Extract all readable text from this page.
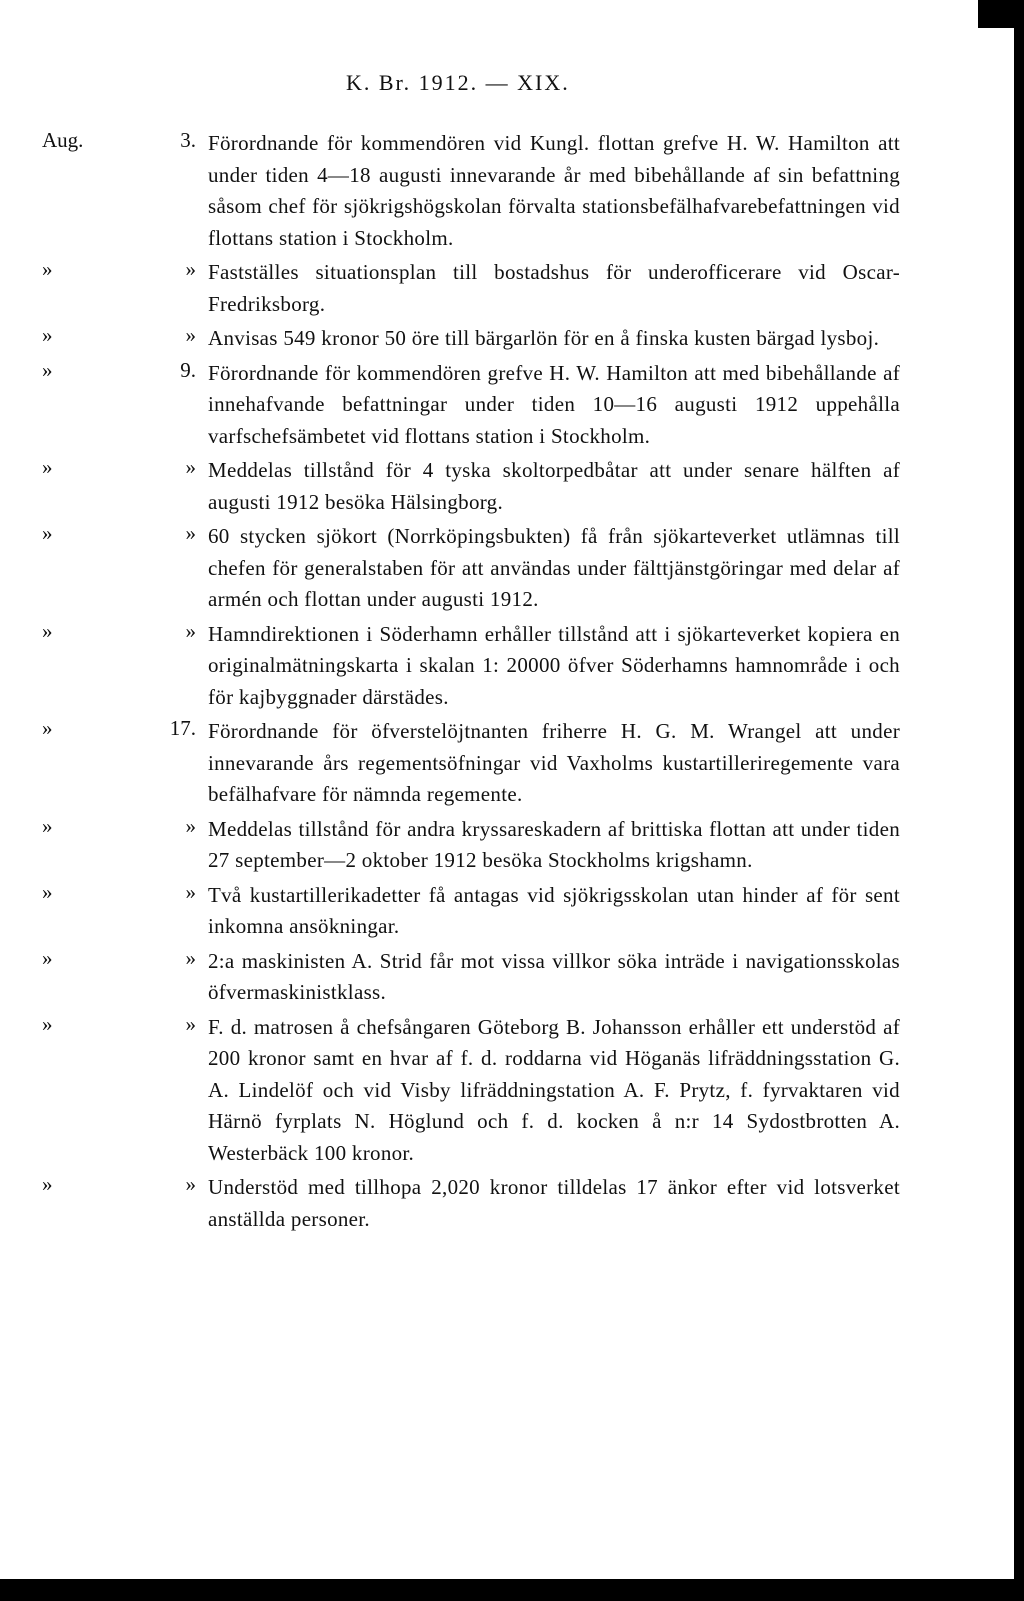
K. Br. 1912. — XIX.
Aug.	3. Förordnande för kommendören vid Kungl. flottan grefve H. W. Hamilton att under tiden 4—18 augusti innevarande år med bibehållande af sin befattning såsom chef för sjökrigshögskolan förvalta stationsbefälhafvarebefattningen vid flottans station i Stockholm.
»	» Fastställes situationsplan till bostadshus för underofficerare vid Oscar-Fredriksborg.
»	» Anvisas 549 kronor 50 öre till bärgarlön för en å finska kusten bärgad lysboj.
»	9. Förordnande för kommendören grefve H. W. Hamilton att med bibehållande af innehafvande befattningar under tiden 10—16 augusti 1912 uppehålla varfschefsämbetet vid flottans station i Stockholm.
»	» Meddelas tillstånd för 4 tyska skoltorpedbåtar att under senare hälften af augusti 1912 besöka Hälsingborg.
»	» 60 stycken sjökort (Norrköpingsbukten) få från sjökarteverket utlämnas till chefen för generalstaben för att användas under fälttjänstgöringar med delar af armén och flottan under augusti 1912.
»	» Hamndirektionen i Söderhamn erhåller tillstånd att i sjökarteverket kopiera en originalmätningskarta i skalan 1: 20000 öfver Söderhamns hamnområde i och för kajbyggnader därstädes.
»	17. Förordnande för öfverstelöjtnanten friherre H. G. M. Wrangel att under innevarande års regementsöfningar vid Vaxholms kustartilleriregemente vara befälhafvare för nämnda regemente.
»	» Meddelas tillstånd för andra kryssareskadern af brittiska flottan att under tiden 27 september—2 oktober 1912 besöka Stockholms krigshamn.
»	» Två kustartillerikadetter få antagas vid sjökrigsskolan utan hinder af för sent inkomna ansökningar.
»	» 2:a maskinisten A. Strid får mot vissa villkor söka inträde i navigationsskolas öfvermaskinistklass.
»	» F. d. matrosen å chefsångaren Göteborg B. Johansson erhåller ett understöd af 200 kronor samt en hvar af f. d. roddarna vid Höganäs lifräddningsstation G. A. Lindelöf och vid Visby lifräddningstation A. F. Prytz, f. fyrvaktaren vid Härnö fyrplats N. Höglund och f. d. kocken å n:r 14 Sydostbrotten A. Westerbäck 100 kronor.
»	» Understöd med tillhopa 2,020 kronor tilldelas 17 änkor efter vid lotsverket anställda personer.
